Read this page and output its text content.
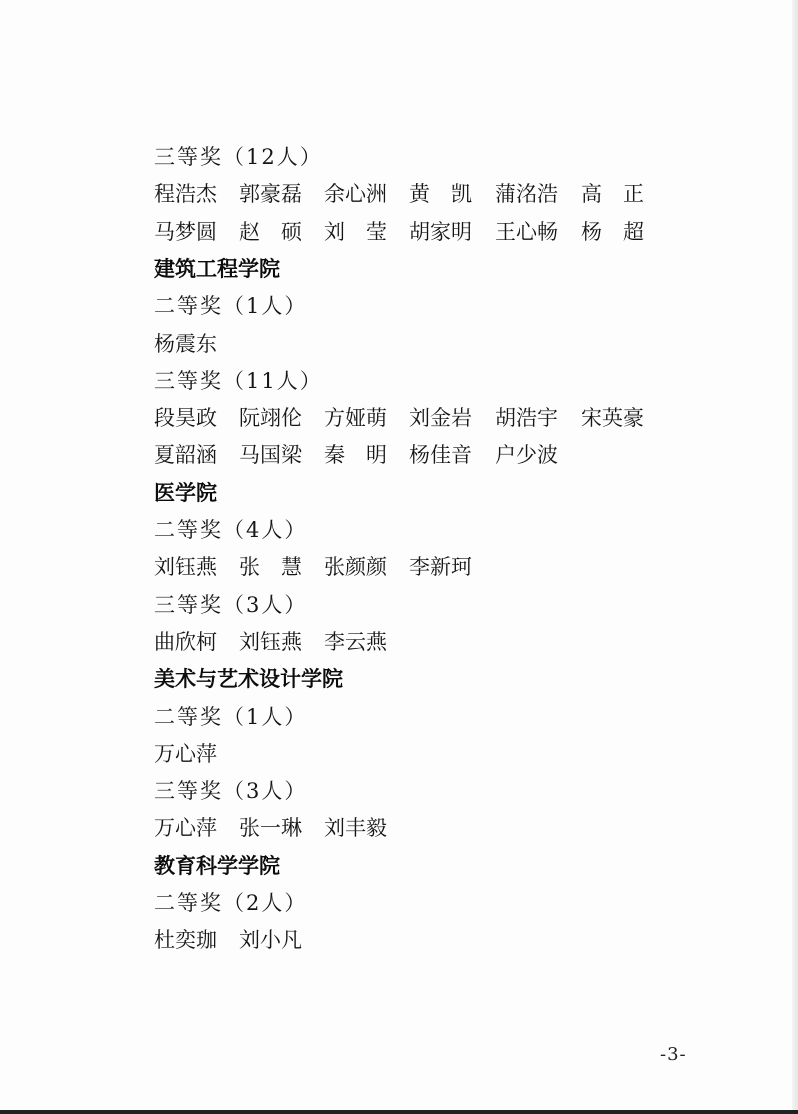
三等奖（12人）
程浩杰	郭豪磊	余心洲	黄　凯	蒲洺浩	高　正
马梦圆	赵　硕	刘　莹	胡家明	王心畅	杨　超
建筑工程学院
二等奖（1人）
杨震东
三等奖（11人）
段昊政	阮翊伦	方娅萌	刘金岩	胡浩宇	宋英豪
夏韶涵	马国梁	秦　明	杨佳音	户少波
医学院
二等奖（4人）
刘钰燕	张　慧	张颜颜	李新珂
三等奖（3人）
曲欣柯	刘钰燕	李云燕
美术与艺术设计学院
二等奖（1人）
万心萍
三等奖（3人）
万心萍	张一琳	刘丰毅
教育科学学院
二等奖（2人）
杜奕珈	刘小凡
-3-
